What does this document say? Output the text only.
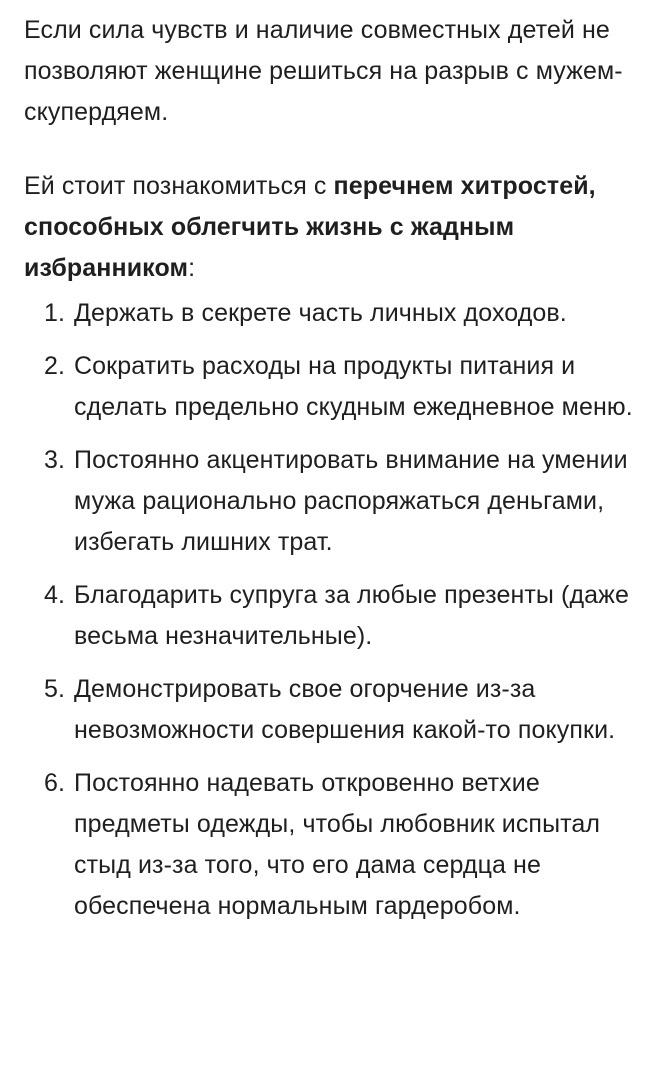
Если сила чувств и наличие совместных детей не позволяют женщине решиться на разрыв с мужем-скупердяем.

Ей стоит познакомиться с перечнем хитростей, способных облегчить жизнь с жадным избранником:

1. Держать в секрете часть личных доходов.
2. Сократить расходы на продукты питания и сделать предельно скудным ежедневное меню.
3. Постоянно акцентировать внимание на умении мужа рационально распоряжаться деньгами, избегать лишних трат.
4. Благодарить супруга за любые презенты (даже весьма незначительные).
5. Демонстрировать свое огорчение из-за невозможности совершения какой-то покупки.
6. Постоянно надевать откровенно ветхие предметы одежды, чтобы любовник испытал стыд из-за того, что его дама сердца не обеспечена нормальным гардеробом.
